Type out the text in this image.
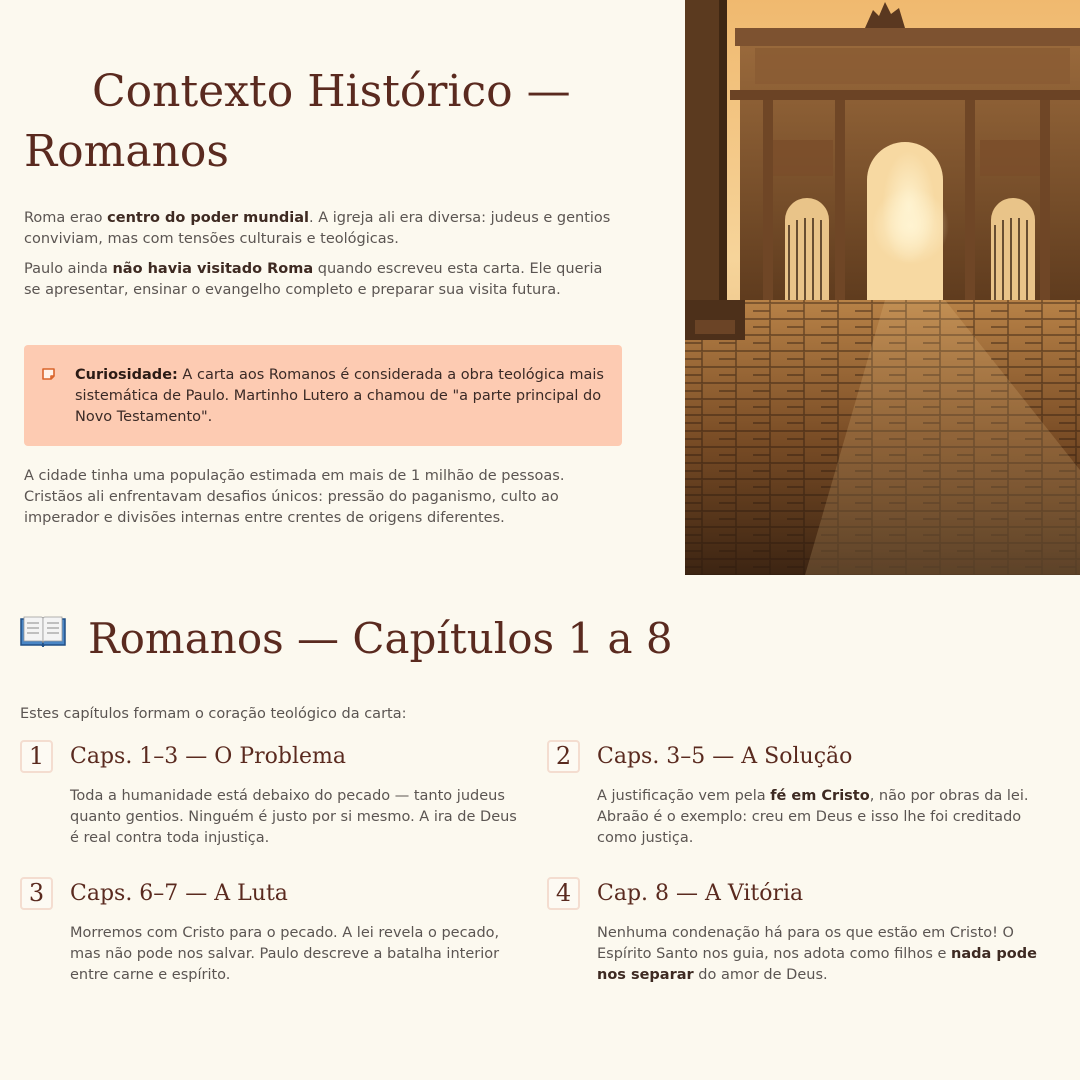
Contexto Histórico —
Romanos

Roma erao centro do poder mundial. A igreja ali era diversa: judeus e gentios conviviam, mas com tensões culturais e teológicas.

Paulo ainda não havia visitado Roma quando escreveu esta carta. Ele queria se apresentar, ensinar o evangelho completo e preparar sua visita futura.

Curiosidade: A carta aos Romanos é considerada a obra teológica mais sistemática de Paulo. Martinho Lutero a chamou de "a parte principal do Novo Testamento".

A cidade tinha uma população estimada em mais de 1 milhão de pessoas. Cristãos ali enfrentavam desafios únicos: pressão do paganismo, culto ao imperador e divisões internas entre crentes de origens diferentes.

Romanos — Capítulos 1 a 8

Estes capítulos formam o coração teológico da carta:

1	Caps. 1–3 — O Problema

Toda a humanidade está debaixo do pecado — tanto judeus quanto gentios. Ninguém é justo por si mesmo. A ira de Deus é real contra toda injustiça.

2	Caps. 3–5 — A Solução

A justificação vem pela fé em Cristo, não por obras da lei. Abraão é o exemplo: creu em Deus e isso lhe foi creditado como justiça.

3	Caps. 6–7 — A Luta

Morremos com Cristo para o pecado. A lei revela o pecado, mas não pode nos salvar. Paulo descreve a batalha interior entre carne e espírito.

4	Cap. 8 — A Vitória

Nenhuma condenação há para os que estão em Cristo! O Espírito Santo nos guia, nos adota como filhos e nada pode nos separar do amor de Deus.
